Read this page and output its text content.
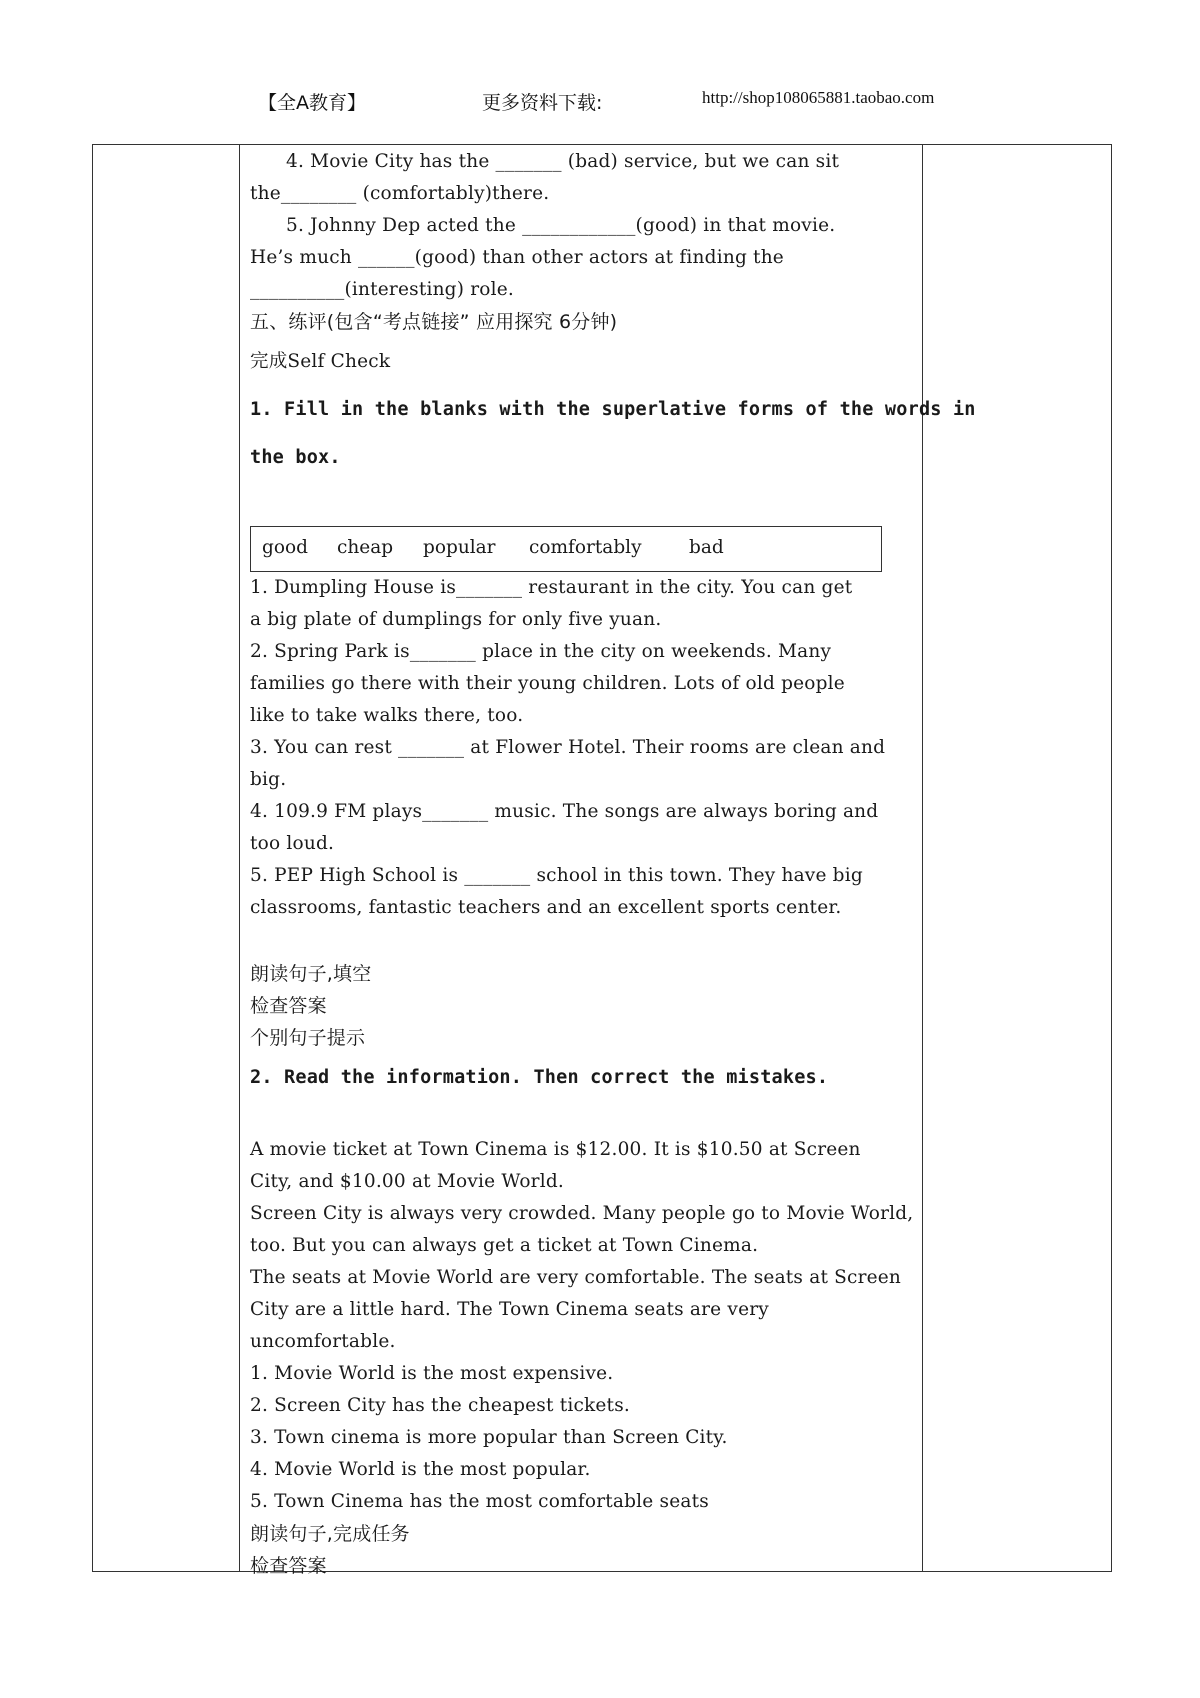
【全A教育】	更多资料下载:	http://shop108065881.taobao.com
4. Movie City has the _______ (bad) service, but we can sit
the________ (comfortably)there.
5. Johnny Dep acted the ____________(good) in that movie.
He’s much ______(good) than other actors at finding the
__________(interesting) role.
五、练评(包含“考点链接” 应用探究 6分钟)
完成Self Check
1. Fill in the blanks with the superlative forms of the words in
the box.
1. Dumpling House is_______ restaurant in the city. You can get
a big plate of dumplings for only five yuan.
2. Spring Park is_______ place in the city on weekends. Many
families go there with their young children. Lots of old people
like to take walks there, too.
3. You can rest _______ at Flower Hotel. Their rooms are clean and
big.
4. 109.9 FM plays_______ music. The songs are always boring and
too loud.
5. PEP High School is _______ school in this town. They have big
classrooms, fantastic teachers and an excellent sports center.
朗读句子,填空
检查答案
个别句子提示
2. Read the information. Then correct the mistakes.
A movie ticket at Town Cinema is $12.00. It is $10.50 at Screen
City, and $10.00 at Movie World.
Screen City is always very crowded. Many people go to Movie World,
too. But you can always get a ticket at Town Cinema.
The seats at Movie World are very comfortable. The seats at Screen
City are a little hard. The Town Cinema seats are very
uncomfortable.
1. Movie World is the most expensive.
2. Screen City has the cheapest tickets.
3. Town cinema is more popular than Screen City.
4. Movie World is the most popular.
5. Town Cinema has the most comfortable seats
朗读句子,完成任务
检查答案
good cheap popular comfortably	bad
